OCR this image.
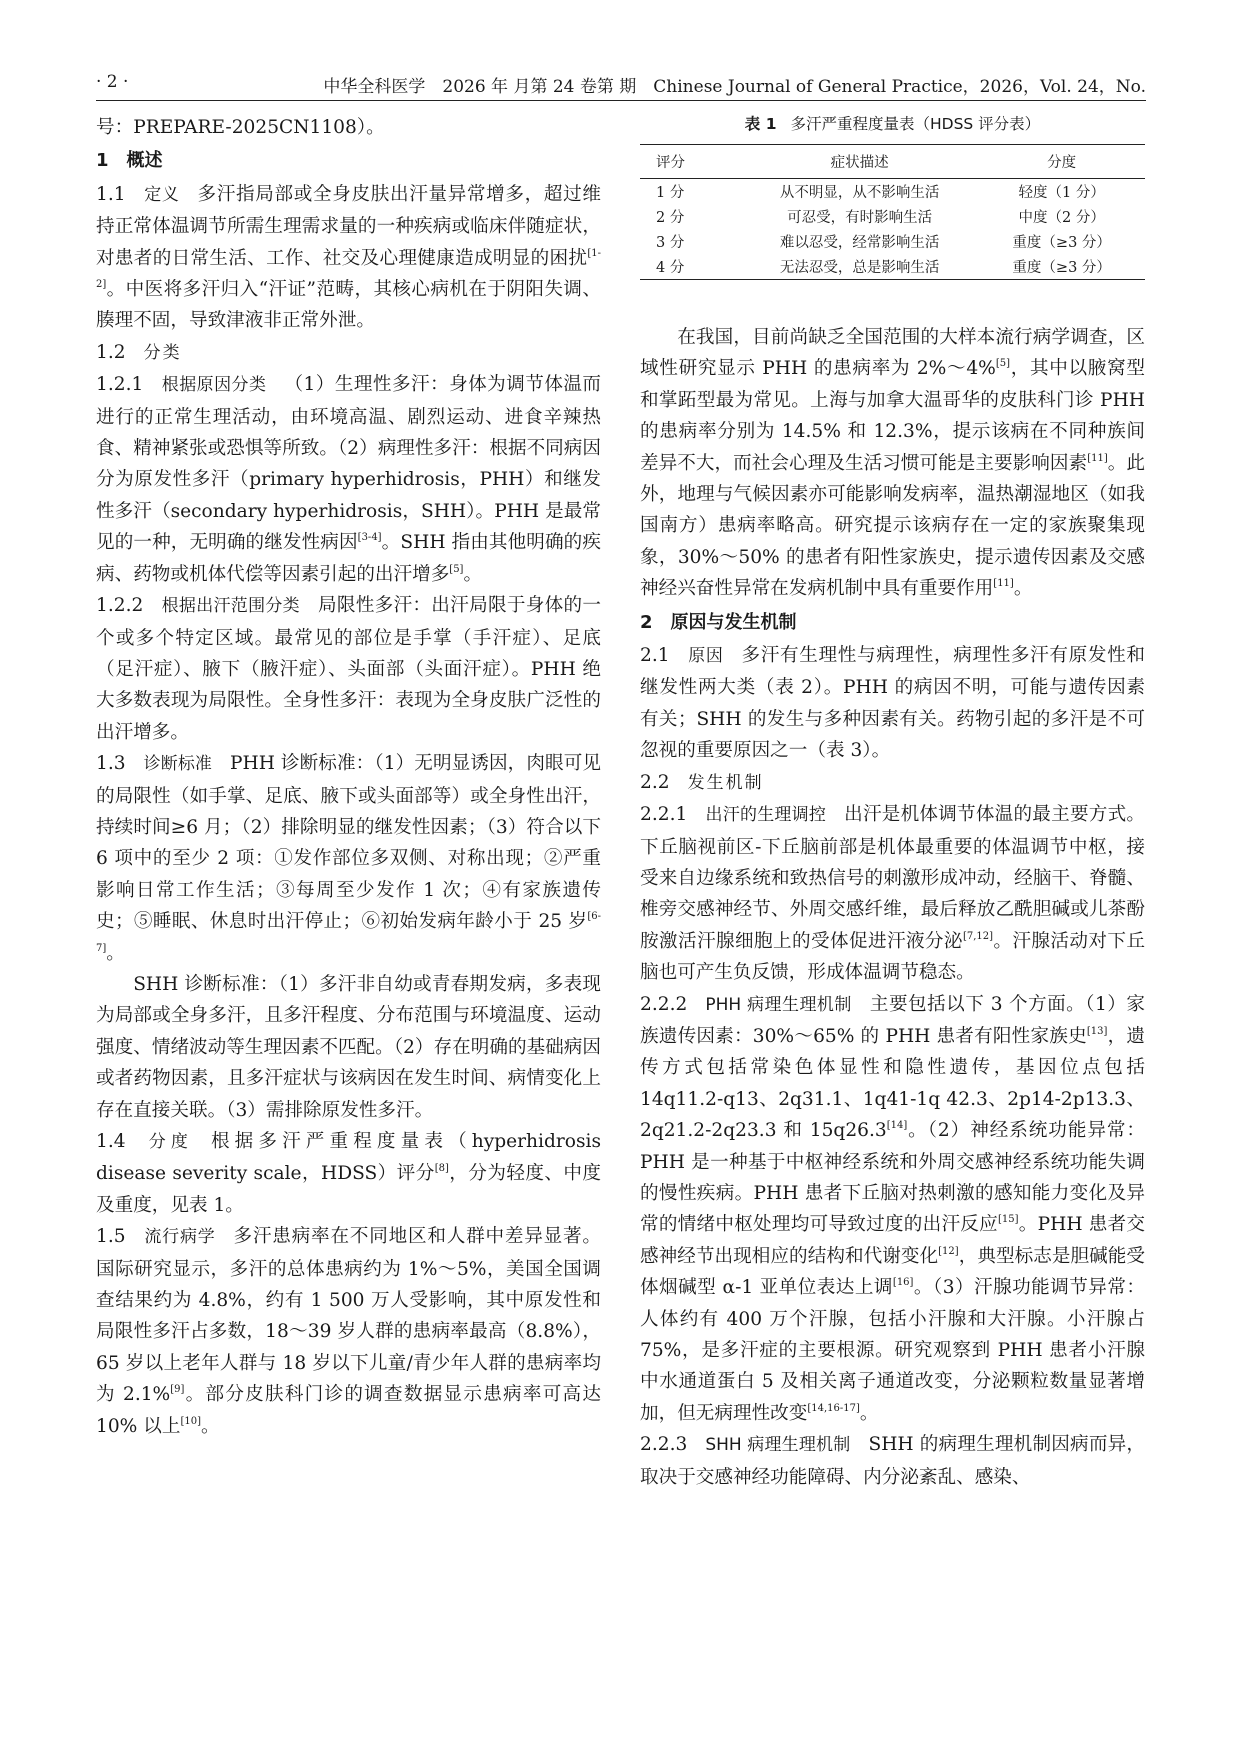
· 2 ·	中华全科医学　2026 年 月第 24 卷第 期　Chinese Journal of General Practice，2026，Vol. 24，No.

号：PREPARE-2025CN1108）。

1　概述

1.1 定义 多汗指局部或全身皮肤出汗量异常增多，超过维持正常体温调节所需生理需求量的一种疾病或临床伴随症状，对患者的日常生活、工作、社交及心理健康造成明显的困扰[1-2]。中医将多汗归入“汗证”范畴，其核心病机在于阴阳失调、腠理不固，导致津液非正常外泄。

1.2 分类

1.2.1 根据原因分类 （1）生理性多汗：身体为调节体温而进行的正常生理活动，由环境高温、剧烈运动、进食辛辣热食、精神紧张或恐惧等所致。（2）病理性多汗：根据不同病因分为原发性多汗（primary hyperhidrosis，PHH）和继发性多汗（secondary hyperhidrosis，SHH）。PHH 是最常见的一种，无明确的继发性病因[3-4]。SHH 指由其他明确的疾病、药物或机体代偿等因素引起的出汗增多[5]。

1.2.2 根据出汗范围分类 局限性多汗：出汗局限于身体的一个或多个特定区域。最常见的部位是手掌（手汗症）、足底（足汗症）、腋下（腋汗症）、头面部（头面汗症）。PHH 绝大多数表现为局限性。全身性多汗：表现为全身皮肤广泛性的出汗增多。

1.3 诊断标准 PHH 诊断标准：（1）无明显诱因，肉眼可见的局限性（如手掌、足底、腋下或头面部等）或全身性出汗，持续时间≥6 月；（2）排除明显的继发性因素；（3）符合以下 6 项中的至少 2 项：①发作部位多双侧、对称出现；②严重影响日常工作生活；③每周至少发作 1 次；④有家族遗传史；⑤睡眠、休息时出汗停止；⑥初始发病年龄小于 25 岁[6-7]。

SHH 诊断标准：（1）多汗非自幼或青春期发病，多表现为局部或全身多汗，且多汗程度、分布范围与环境温度、运动强度、情绪波动等生理因素不匹配。（2）存在明确的基础病因或者药物因素，且多汗症状与该病因在发生时间、病情变化上存在直接关联。（3）需排除原发性多汗。

1.4 分度 根据多汗严重程度量表（hyperhidrosis disease severity scale，HDSS）评分[8]，分为轻度、中度及重度，见表 1。

1.5 流行病学 多汗患病率在不同地区和人群中差异显著。国际研究显示，多汗的总体患病约为 1%～5%，美国全国调查结果约为 4.8%，约有 1 500 万人受影响，其中原发性和局限性多汗占多数，18～39 岁人群的患病率最高（8.8%），65 岁以上老年人群与 18 岁以下儿童/青少年人群的患病率均为 2.1%[9]。部分皮肤科门诊的调查数据显示患病率可高达 10% 以上[10]。

表 1 多汗严重程度量表（HDSS 评分表）
评分	症状描述	分度
1 分	从不明显，从不影响生活	轻度（1 分）
2 分	可忍受，有时影响生活	中度（2 分）
3 分	难以忍受，经常影响生活	重度（≥3 分）
4 分	无法忍受，总是影响生活	重度（≥3 分）

在我国，目前尚缺乏全国范围的大样本流行病学调查，区域性研究显示 PHH 的患病率为 2%～4%[5]，其中以腋窝型和掌跖型最为常见。上海与加拿大温哥华的皮肤科门诊 PHH 的患病率分别为 14.5% 和 12.3%，提示该病在不同种族间差异不大，而社会心理及生活习惯可能是主要影响因素[11]。此外，地理与气候因素亦可能影响发病率，温热潮湿地区（如我国南方）患病率略高。研究提示该病存在一定的家族聚集现象，30%～50% 的患者有阳性家族史，提示遗传因素及交感神经兴奋性异常在发病机制中具有重要作用[11]。

2　原因与发生机制

2.1 原因 多汗有生理性与病理性，病理性多汗有原发性和继发性两大类（表 2）。PHH 的病因不明，可能与遗传因素有关；SHH 的发生与多种因素有关。药物引起的多汗是不可忽视的重要原因之一（表 3）。

2.2 发生机制

2.2.1 出汗的生理调控 出汗是机体调节体温的最主要方式。下丘脑视前区-下丘脑前部是机体最重要的体温调节中枢，接受来自边缘系统和致热信号的刺激形成冲动，经脑干、脊髓、椎旁交感神经节、外周交感纤维，最后释放乙酰胆碱或儿茶酚胺激活汗腺细胞上的受体促进汗液分泌[7,12]。汗腺活动对下丘脑也可产生负反馈，形成体温调节稳态。

2.2.2 PHH 病理生理机制 主要包括以下 3 个方面。（1）家族遗传因素：30%～65% 的 PHH 患者有阳性家族史[13]，遗传方式包括常染色体显性和隐性遗传，基因位点包括 14q11.2-q13、2q31.1、1q41-1q 42.3、2p14-2p13.3、2q21.2-2q23.3 和 15q26.3[14]。（2）神经系统功能异常：PHH 是一种基于中枢神经系统和外周交感神经系统功能失调的慢性疾病。PHH 患者下丘脑对热刺激的感知能力变化及异常的情绪中枢处理均可导致过度的出汗反应[15]。PHH 患者交感神经节出现相应的结构和代谢变化[12]，典型标志是胆碱能受体烟碱型 α-1 亚单位表达上调[16]。（3）汗腺功能调节异常：人体约有 400 万个汗腺，包括小汗腺和大汗腺。小汗腺占 75%，是多汗症的主要根源。研究观察到 PHH 患者小汗腺中水通道蛋白 5 及相关离子通道改变，分泌颗粒数量显著增加，但无病理性改变[14,16-17]。

2.2.3 SHH 病理生理机制 SHH 的病理生理机制因病而异，取决于交感神经功能障碍、内分泌紊乱、感染、
